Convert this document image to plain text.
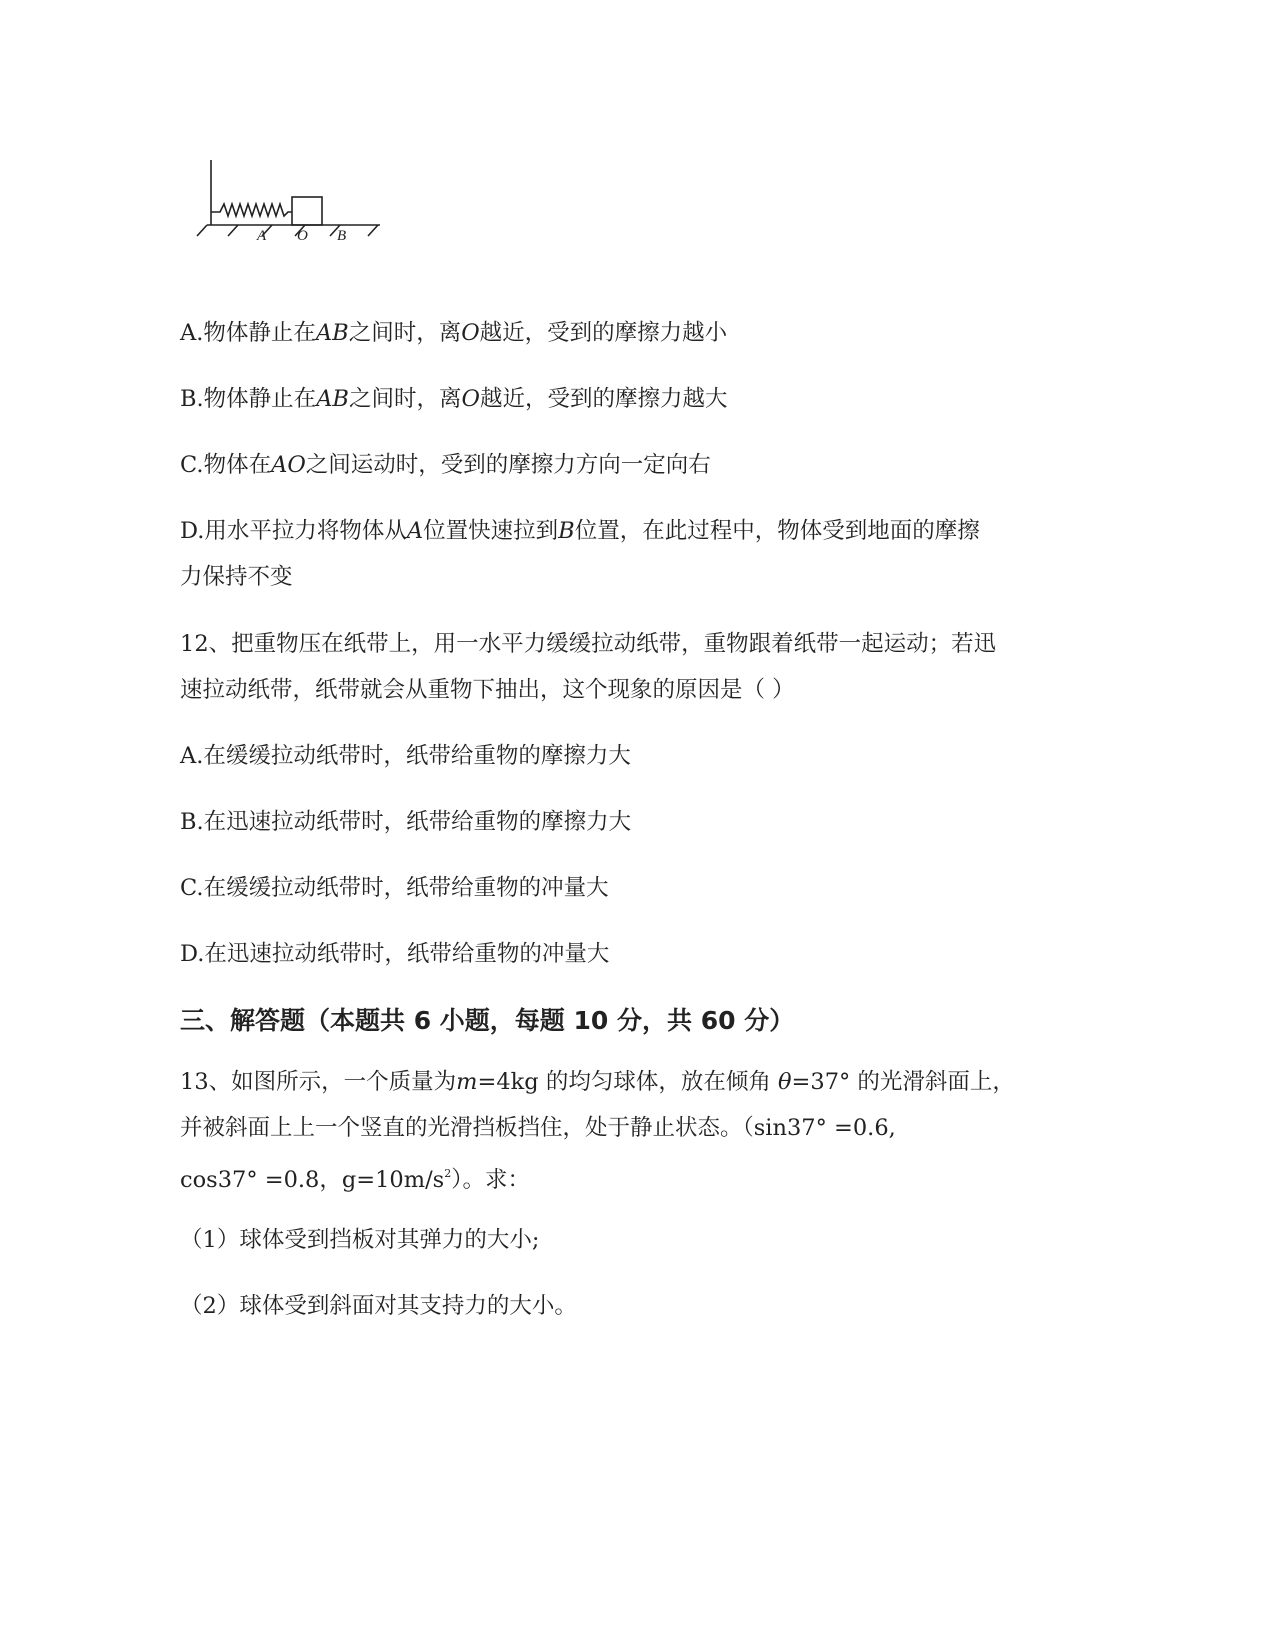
A O B

A.物体静止在AB之间时，离O越近，受到的摩擦力越小

B.物体静止在AB之间时，离O越近，受到的摩擦力越大

C.物体在AO之间运动时，受到的摩擦力方向一定向右

D.用水平拉力将物体从A位置快速拉到B位置，在此过程中，物体受到地面的摩擦

力保持不变

12、把重物压在纸带上，用一水平力缓缓拉动纸带，重物跟着纸带一起运动；若迅

速拉动纸带，纸带就会从重物下抽出，这个现象的原因是（ ）

A.在缓缓拉动纸带时，纸带给重物的摩擦力大

B.在迅速拉动纸带时，纸带给重物的摩擦力大

C.在缓缓拉动纸带时，纸带给重物的冲量大

D.在迅速拉动纸带时，纸带给重物的冲量大

三、解答题（本题共 6 小题，每题 10 分，共 60 分）

13、如图所示，一个质量为m=4kg 的均匀球体，放在倾角 θ=37° 的光滑斜面上，

并被斜面上上一个竖直的光滑挡板挡住，处于静止状态。（sin37° =0.6,

cos37° =0.8，$g=10m/s^2$）。求：

（1）球体受到挡板对其弹力的大小;

（2）球体受到斜面对其支持力的大小。
